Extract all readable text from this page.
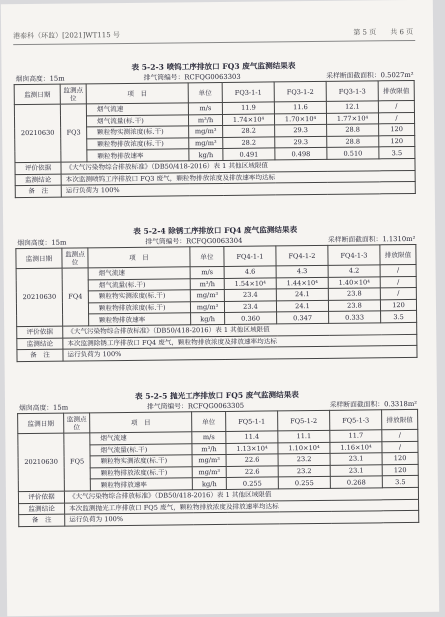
港泰科（环监）[2021]WT115 号	第 5 页　　共 6 页
表 5-2-3 喷钨工序排放口 FQ3 废气监测结果表
烟囱高度：15m	排气筒编号：RCFQG0063303	采样断面截面积：0.5027m²
监测日期	监测点位	项　目	单位	FQ3-1-1	FQ3-1-2	FQ3-1-3	排放限值
20210630	FQ3	烟气流速	m/s	11.9	11.6	12.1	/
		烟气流量(标.干)	m³/h	1.74×10⁴	1.70×10⁴	1.77×10⁴	/
		颗粒物实测浓度(标.干)	mg/m³	28.2	29.3	28.8	120
		颗粒物排放浓度(标.干)	mg/m³	28.2	29.3	28.8	120
		颗粒物排放速率	kg/h	0.491	0.498	0.510	3.5
评价依据	《大气污染物综合排放标准》（DB50/418-2016）表 1 其他区域限值						
监测结论	本次监测喷钨工序排放口 FQ3 废气，颗粒物排放浓度及排放速率均达标						
备　注	运行负荷为 100%						
表 5-2-4 除锈工序排放口 FQ4 废气监测结果表
烟囱高度：15m	排气筒编号：RCFQG0063304	采样断面截面积：1.1310m²
监测日期	监测点位	项　目	单位	FQ4-1-1	FQ4-1-2	FQ4-1-3	排放限值
20210630	FQ4	烟气流速	m/s	4.6	4.3	4.2	/
		烟气流量(标.干)	m³/h	1.54×10⁴	1.44×10⁴	1.40×10⁴	/
		颗粒物实测浓度(标.干)	mg/m³	23.4	24.1	23.8	/
		颗粒物排放浓度(标.干)	mg/m³	23.4	24.1	23.8	120
		颗粒物排放速率	kg/h	0.360	0.347	0.333	3.5
评价依据	《大气污染物综合排放标准》（DB50/418-2016）表 1 其他区域限值						
监测结论	本次监测除锈工序排放口 FQ4 废气，颗粒物排放浓度及排放速率均达标						
备　注	运行负荷为 100%						
表 5-2-5 抛光工序排放口 FQ5 废气监测结果表
烟囱高度：15m	排气筒编号：RCFQG0063305	采样断面截面积：0.3318m²
监测日期	监测点位	项　目	单位	FQ5-1-1	FQ5-1-2	FQ5-1-3	排放限值
20210630	FQ5	烟气流速	m/s	11.4	11.1	11.7	/
		烟气流量(标.干)	m³/h	1.13×10⁴	1.10×10⁴	1.16×10⁴	/
		颗粒物实测浓度(标.干)	mg/m³	22.6	23.2	23.1	120
		颗粒物排放浓度(标.干)	mg/m³	22.6	23.2	23.1	120
		颗粒物排放速率	kg/h	0.255	0.255	0.268	3.5
评价依据	《大气污染物综合排放标准》（DB50/418-2016）表 1 其他区域限值						
监测结论	本次监测抛光工序排放口 FQ5 废气，颗粒物排放浓度及排放速率均达标						
备　注	运行负荷为 100%						
